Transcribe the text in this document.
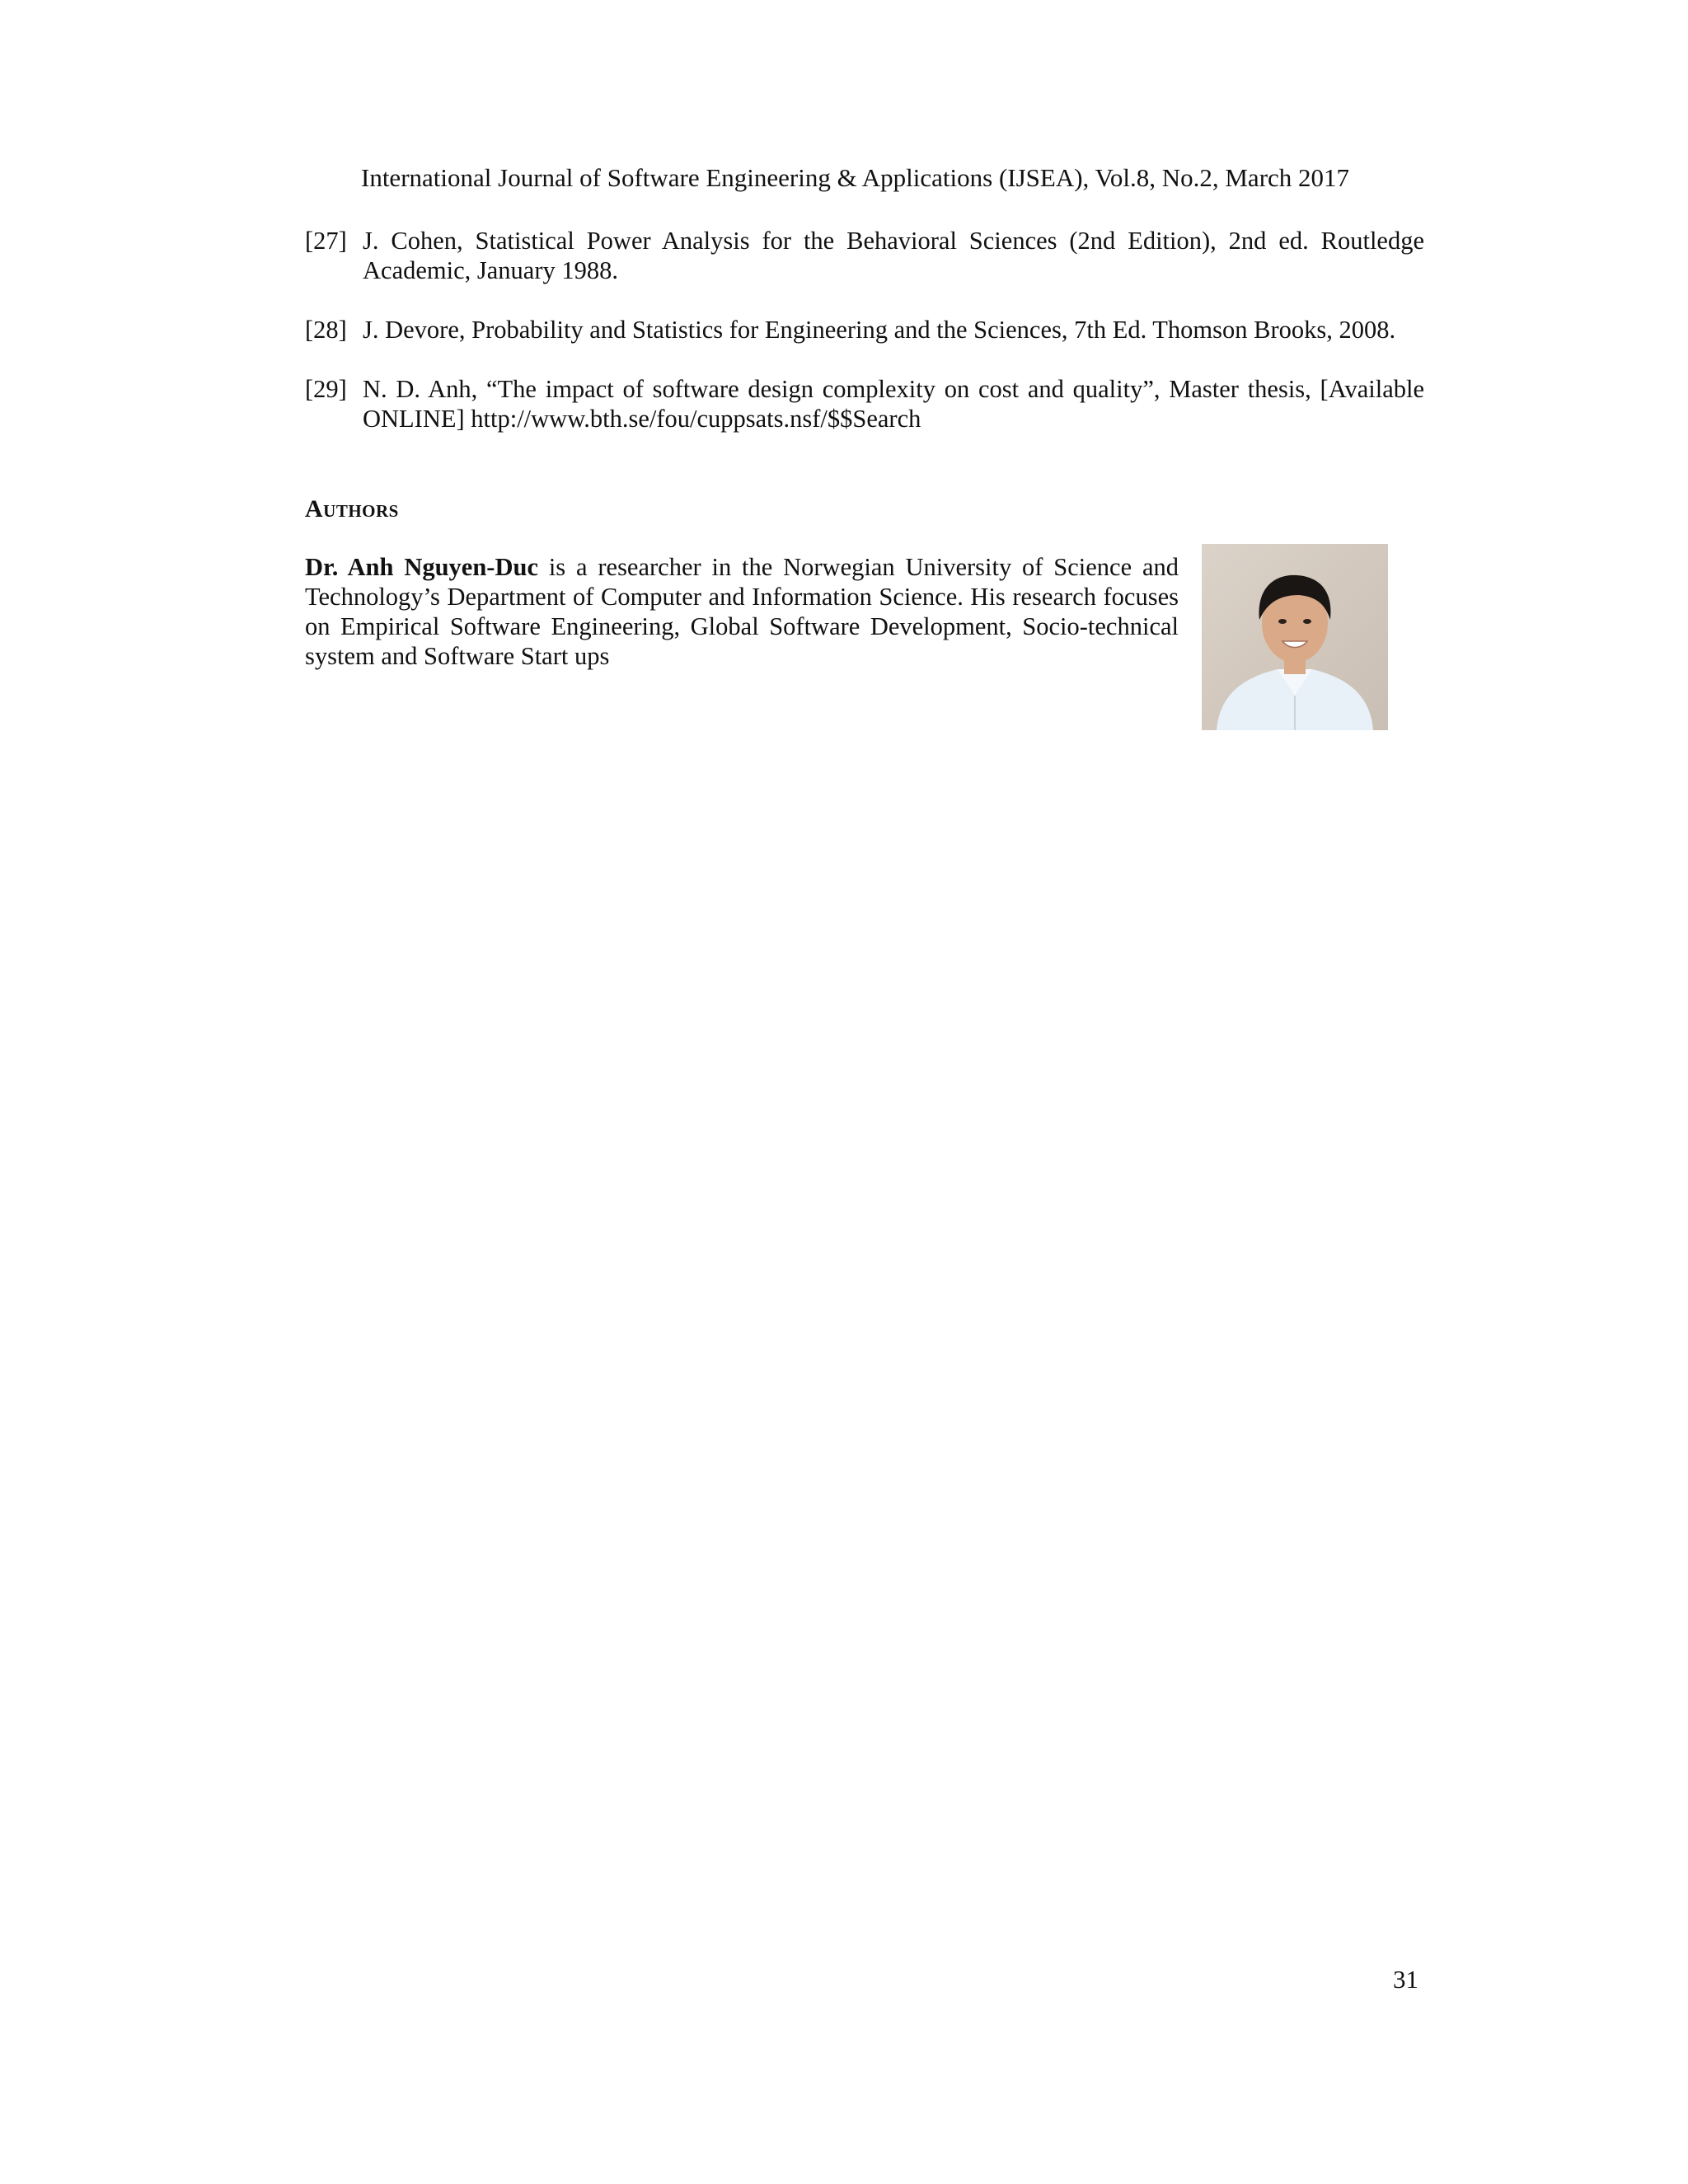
International Journal of Software Engineering & Applications (IJSEA), Vol.8, No.2, March 2017
[27] J. Cohen, Statistical Power Analysis for the Behavioral Sciences (2nd Edition), 2nd ed. Routledge Academic, January 1988.
[28] J. Devore, Probability and Statistics for Engineering and the Sciences, 7th Ed. Thomson Brooks, 2008.
[29] N. D. Anh, “The impact of software design complexity on cost and quality”, Master thesis, [Available ONLINE] http://www.bth.se/fou/cuppsats.nsf/$$Search
Authors
Dr. Anh Nguyen-Duc is a researcher in the Norwegian University of Science and Technology’s Department of Computer and Information Science. His research focuses on Empirical Software Engineering, Global Software Development, Socio-technical system and Software Start ups
31
